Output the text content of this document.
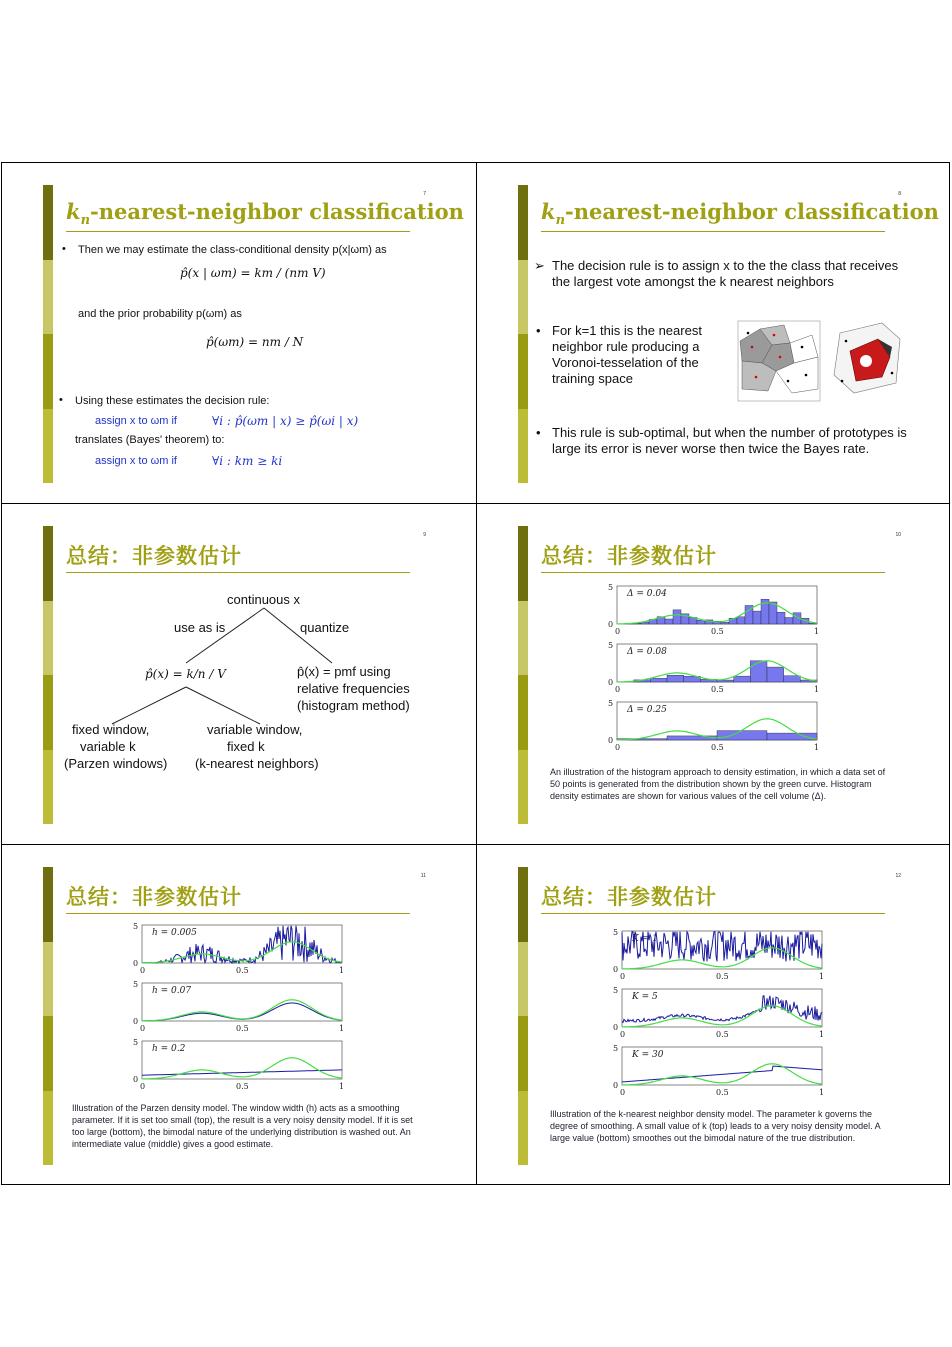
$k_n-nearest$-neighbor classification
7
• Then we may estimate the class-conditional density p(x|ωm) as
p̂(x | ωm) = km / (nm V)
and the prior probability p(ωm) as
p̂(ωm) = nm / N
• Using these estimates the decision rule:
assign x to ωm if	∀i : p̂(ωm | x) ≥ p̂(ωi | x)
translates (Bayes' theorem) to:
assign x to ωm if	∀i : km ≥ ki
$k_n-nearest$-neighbor classification
8
➢ The decision rule is to assign x to the the class that receives the largest vote amongst the k nearest neighbors
• For k=1 this is the nearest neighbor rule producing a Voronoi-tesselation of the training space
• This rule is sub-optimal, but when the number of prototypes is large its error is never worse then twice the Bayes rate.
总结：非参数估计
9
continuous x
use as is	quantize
p̂(x) = k/n / V	p̂(x) = pmf using
relative frequencies
(histogram method)
fixed window,
variable k
(Parzen windows)
variable window,
fixed k
(k-nearest neighbors)
总结：非参数估计
10
5
0
0	0.5	1
Δ = 0.04
5
0
0	0.5	1
Δ = 0.08
5
0
0	0.5	1
Δ = 0.25
An illustration of the histogram approach to density estimation, in which a data set of 50 points is generated from the distribution shown by the green curve. Histogram density estimates are shown for various values of the cell volume (Δ).
总结：非参数估计
11
5
0
0	0.5	1
h = 0.005
5
0
0	0.5	1
h = 0.07
5
0
0	0.5	1
h = 0.2
Illustration of the Parzen density model. The window width (h) acts as a smoothing parameter. If it is set too small (top), the result is a very noisy density model. If it is set too large (bottom), the bimodal nature of the underlying distribution is washed out. An intermediate value (middle) gives a good estimate.
总结：非参数估计
12
5
0
0	0.5	1
K = 1
5
0
0	0.5	1
K = 5
5
0
0	0.5	1
K = 30
Illustration of the k-nearest neighbor density model. The parameter k governs the degree of smoothing. A small value of k (top) leads to a very noisy density model. A large value (bottom) smoothes out the bimodal nature of the true distribution.
